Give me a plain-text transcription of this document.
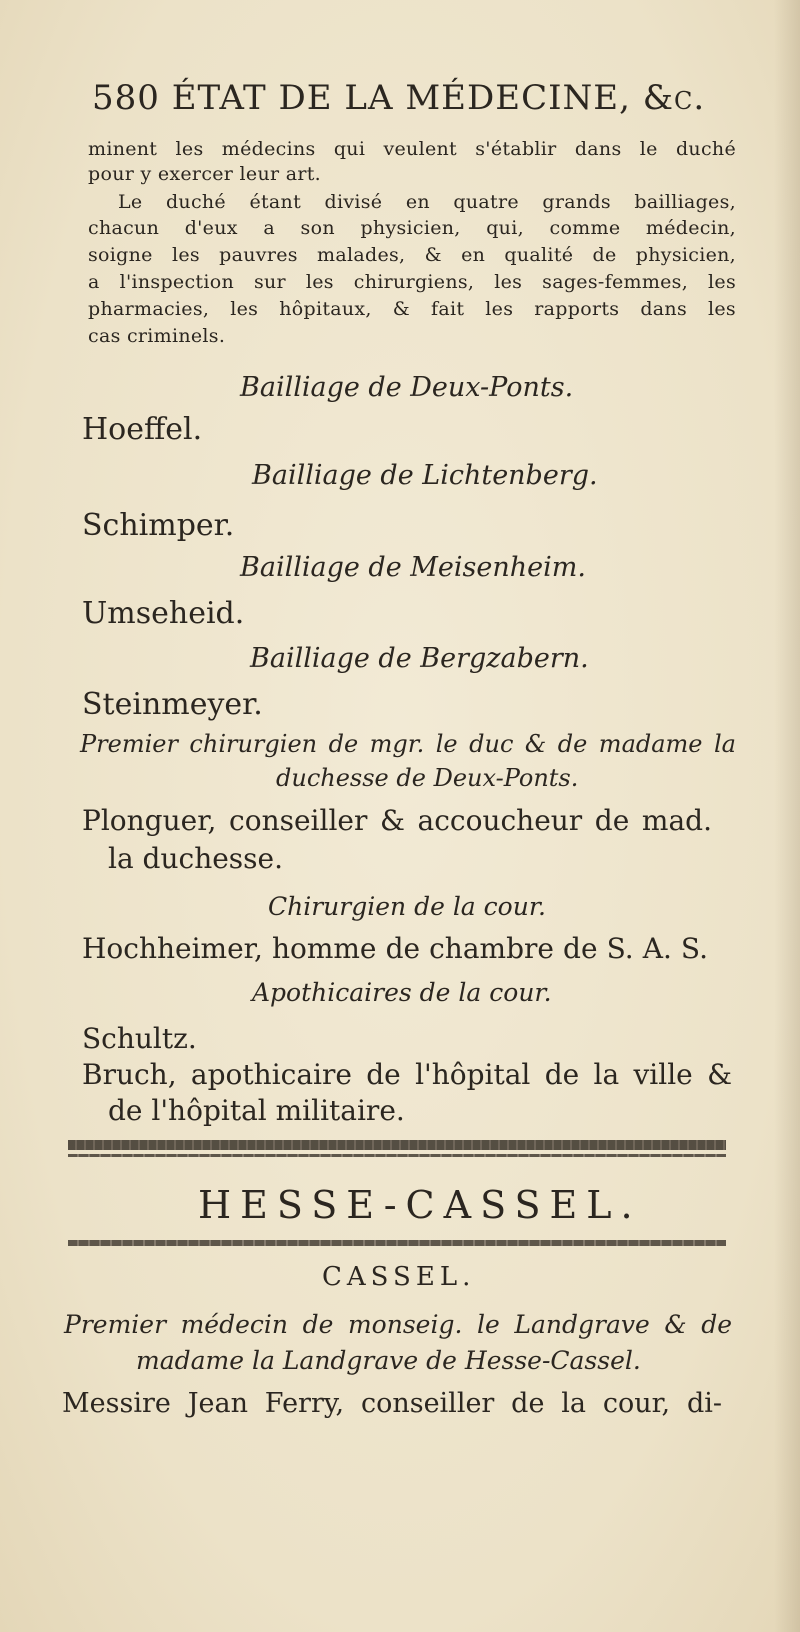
580 ÉTAT DE LA MÉDECINE, &c.
minent les médecins qui veulent s'établir dans le duché
pour y exercer leur art.
Le duché étant divisé en quatre grands bailliages,
chacun d'eux a son physicien, qui, comme médecin,
soigne les pauvres malades, & en qualité de physicien,
a l'inspection sur les chirurgiens, les sages-femmes, les
pharmacies, les hôpitaux, & fait les rapports dans les
cas criminels.
Bailliage de Deux-Ponts.
Hoeffel.
Bailliage de Lichtenberg.
Schimper.
Bailliage de Meisenheim.
Umseheid.
Bailliage de Bergzabern.
Steinmeyer.
Premier chirurgien de mgr. le duc & de madame la
duchesse de Deux-Ponts.
Plonguer, conseiller & accoucheur de mad.
la duchesse.
Chirurgien de la cour.
Hochheimer, homme de chambre de S. A. S.
Apothicaires de la cour.
Schultz.
Bruch, apothicaire de l'hôpital de la ville &
de l'hôpital militaire.
HESSE-CASSEL.
CASSEL.
Premier médecin de monseig. le Landgrave & de
madame la Landgrave de Hesse-Cassel.
Messire Jean Ferry, conseiller de la cour, di-
